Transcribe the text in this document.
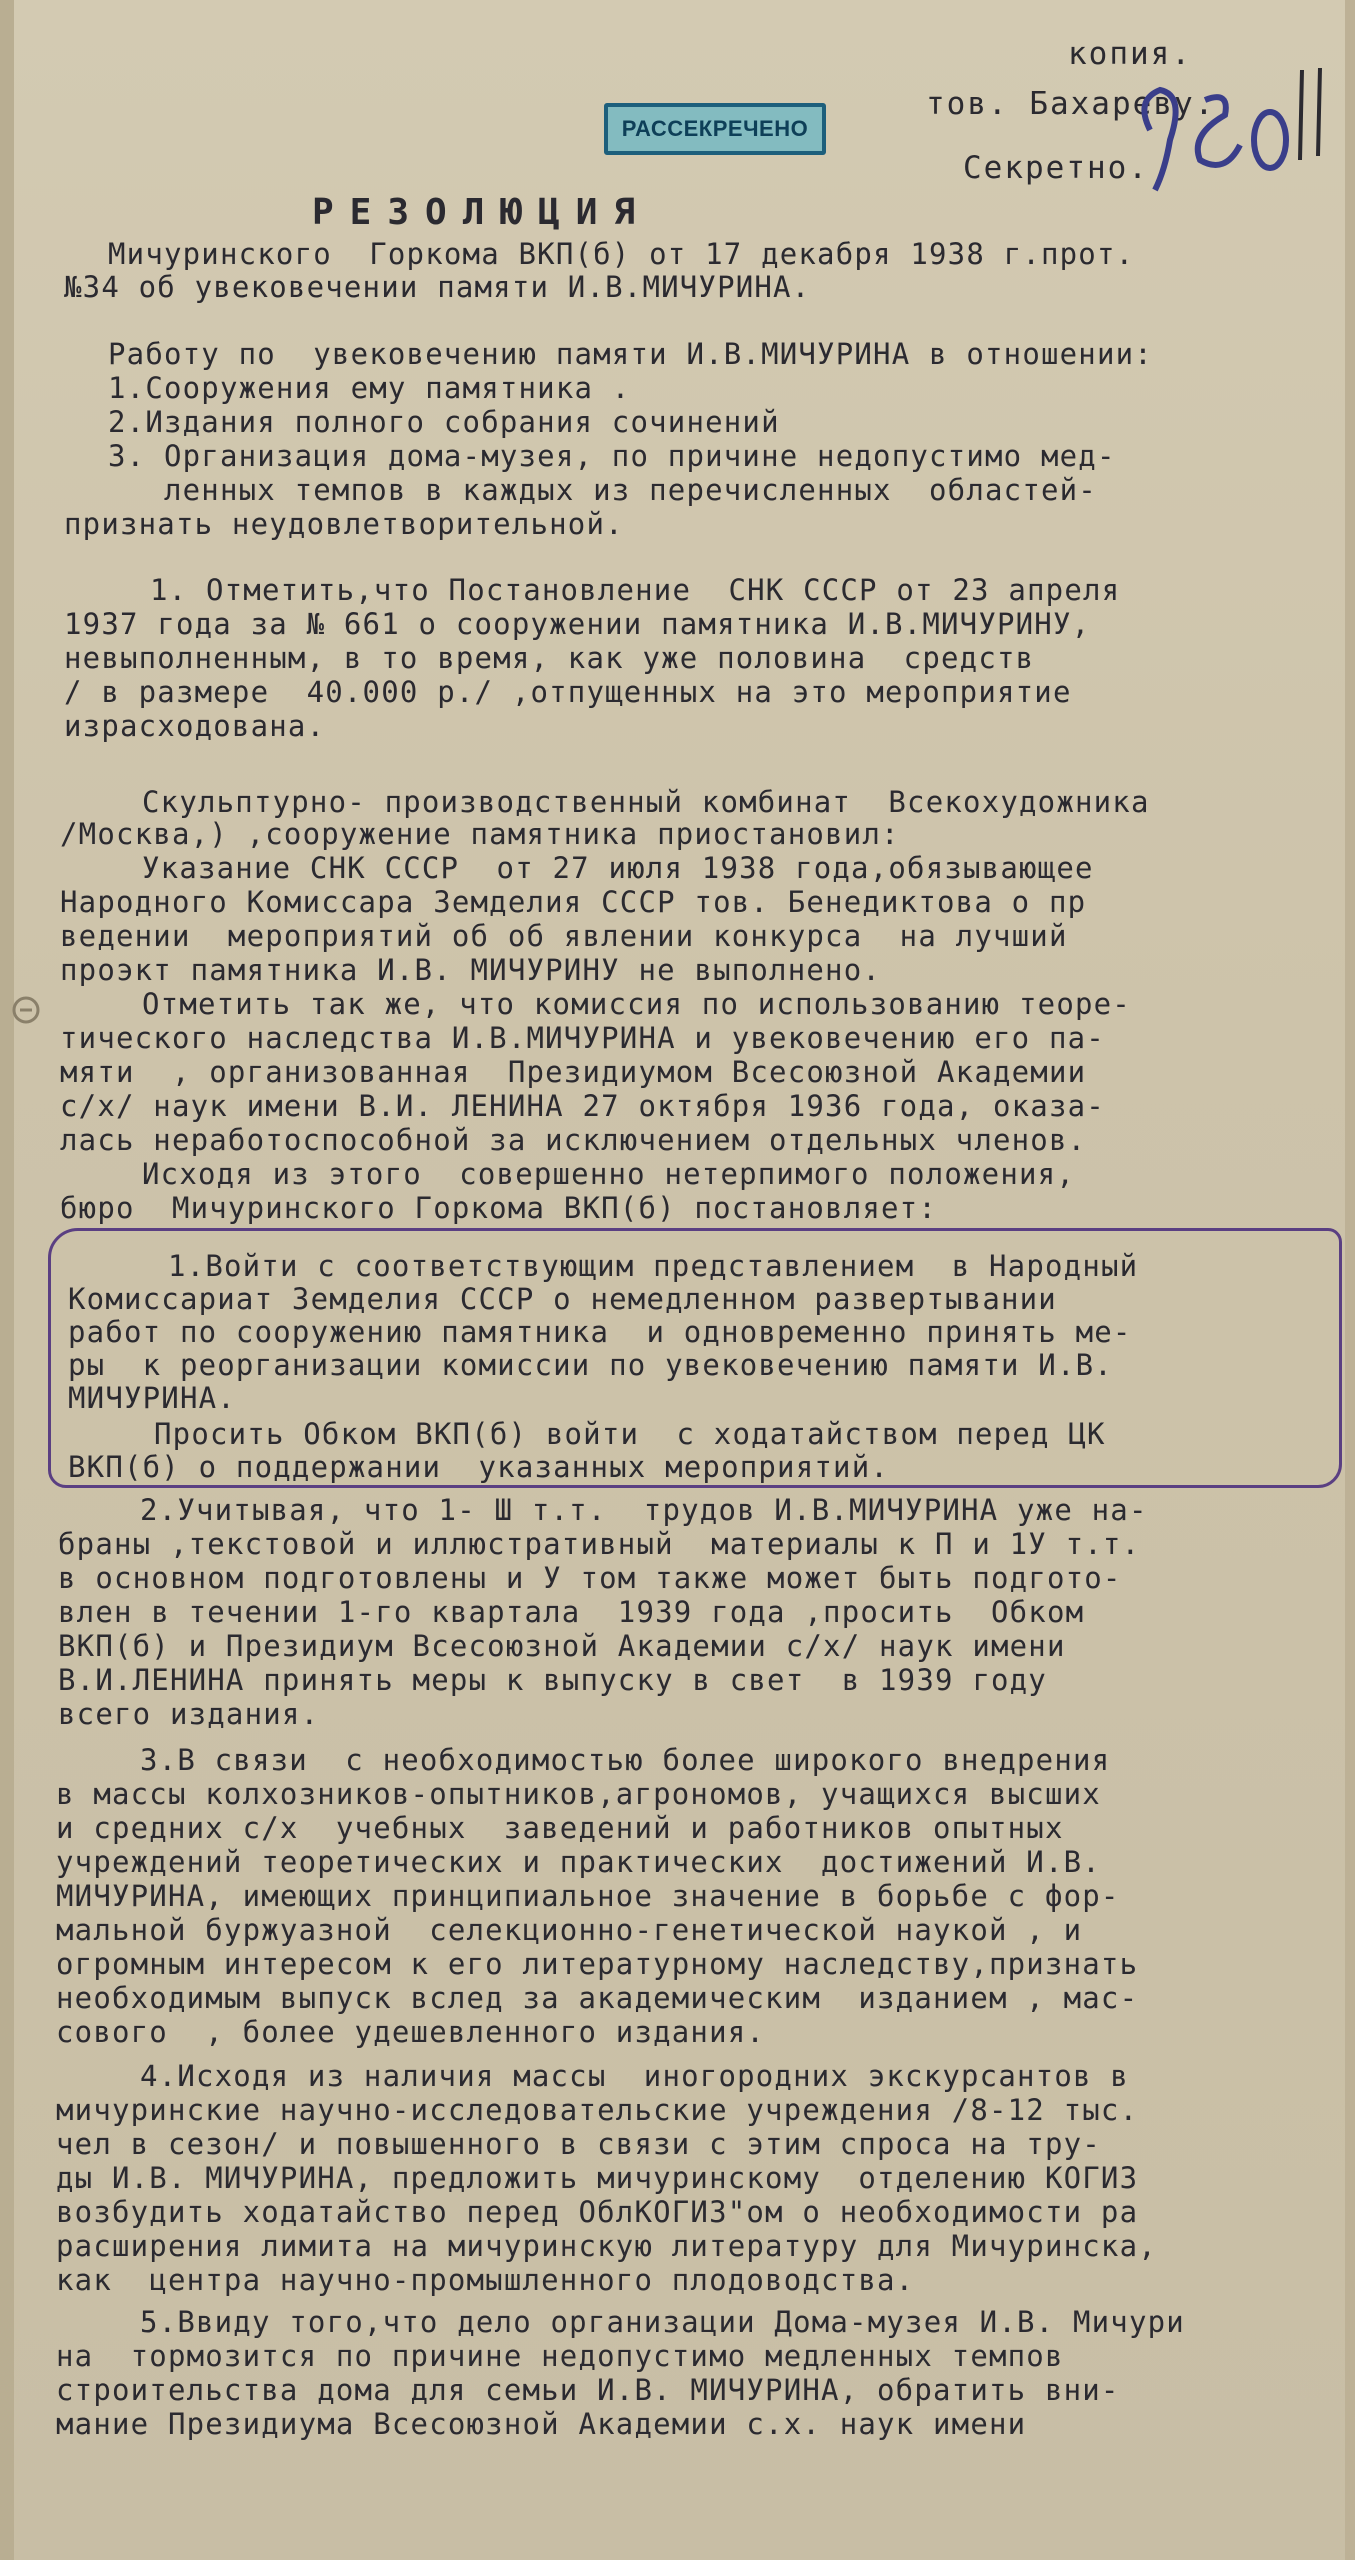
копия.
тов. Бахареву.
Секретно.
РАССЕКРЕЧЕНО
РЕЗОЛЮЦИЯ
Мичуринского  Горкома ВКП(б) от 17 декабря 1938 г.прот.
№34 об увековечении памяти И.В.МИЧУРИНА.
Работу по  увековечению памяти И.В.МИЧУРИНА в отношении:
1.Сооружения ему памятника .
2.Издания полного собрания сочинений
3. Организация дома-музея, по причине недопустимо мед-
ленных темпов в каждых из перечисленных  областей-
признать неудовлетворительной.
1. Отметить,что Постановление  СНК СССР от 23 апреля
1937 года за № 661 о сооружении памятника И.В.МИЧУРИНУ,
невыполненным, в то время, как уже половина  средств
/ в размере  40.000 р./ ,отпущенных на это мероприятие
израсходована.
Скульптурно- производственный комбинат  Всекохудожника
/Москва,) ,сооружение памятника приостановил:
Указание СНК СССР  от 27 июля 1938 года,обязывающее
Народного Комиссара Земделия СССР тов. Бенедиктова о пр
ведении  мероприятий об об явлении конкурса  на лучший
проэкт памятника И.В. МИЧУРИНУ не выполнено.
Отметить так же, что комиссия по использованию теоре-
тического наследства И.В.МИЧУРИНА и увековечению его па-
мяти  , организованная  Президиумом Всесоюзной Академии
с/х/ наук имени В.И. ЛЕНИНА 27 октября 1936 года, оказа-
лась неработоспособной за исключением отдельных членов.
Исходя из этого  совершенно нетерпимого положения,
бюро  Мичуринского Горкома ВКП(б) постановляет:
1.Войти с соответствующим представлением  в Народный
Комиссариат Земделия СССР о немедленном развертывании
работ по сооружению памятника  и одновременно принять ме-
ры  к реорганизации комиссии по увековечению памяти И.В.
МИЧУРИНА.
Просить Обком ВКП(б) войти  с ходатайством перед ЦК
ВКП(б) о поддержании  указанных мероприятий.
2.Учитывая, что 1- Ш т.т.  трудов И.В.МИЧУРИНА уже на-
браны ,текстовой и иллюстративный  материалы к П и 1У т.т.
в основном подготовлены и У том также может быть подгото-
влен в течении 1-го квартала  1939 года ,просить  Обком
ВКП(б) и Президиум Всесоюзной Академии с/х/ наук имени
В.И.ЛЕНИНА принять меры к выпуску в свет  в 1939 году
всего издания.
3.В связи  с необходимостью более широкого внедрения
в массы колхозников-опытников,агрономов, учащихся высших
и средних с/х  учебных  заведений и работников опытных
учреждений теоретических и практических  достижений И.В.
МИЧУРИНА, имеющих принципиальное значение в борьбе с фор-
мальной буржуазной  селекционно-генетической наукой , и
огромным интересом к его литературному наследству,признать
необходимым выпуск вслед за академическим  изданием , мас-
сового  , более удешевленного издания.
4.Исходя из наличия массы  иногородних экскурсантов в
мичуринские научно-исследовательские учреждения /8-12 тыс.
чел в сезон/ и повышенного в связи с этим спроса на тру-
ды И.В. МИЧУРИНА, предложить мичуринскому  отделению КОГИЗ
возбудить ходатайство перед ОблКОГИЗ"ом о необходимости ра
расширения лимита на мичуринскую литературу для Мичуринска,
как  центра научно-промышленного плодоводства.
5.Ввиду того,что дело организации Дома-музея И.В. Мичури
на  тормозится по причине недопустимо медленных темпов
строительства дома для семьи И.В. МИЧУРИНА, обратить вни-
мание Президиума Всесоюзной Академии с.х. наук имени
